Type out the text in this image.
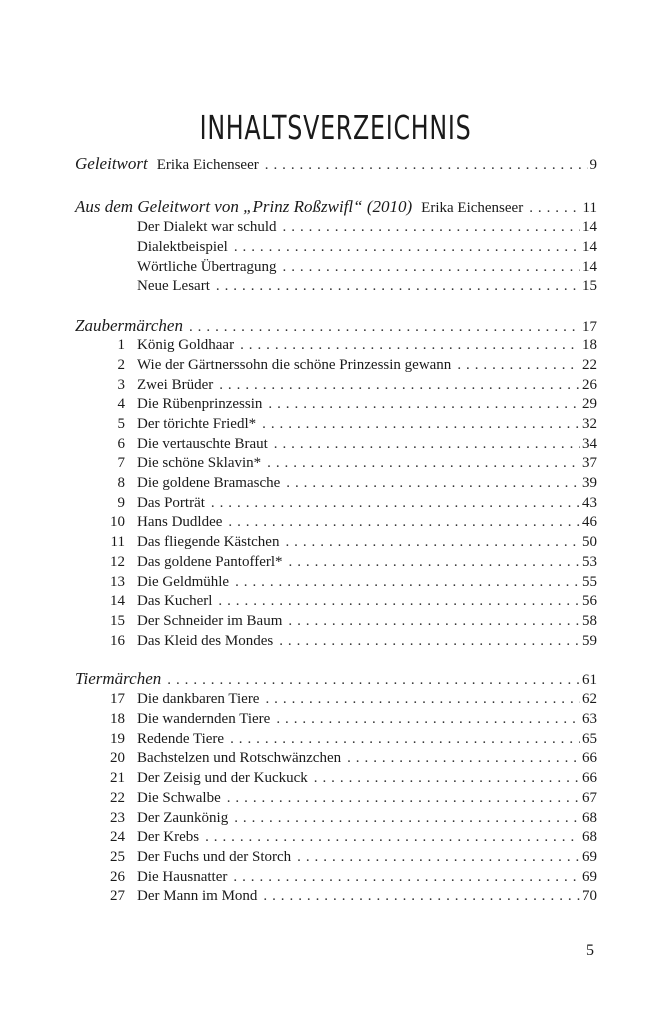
INHALTSVERZEICHNIS
Geleitwort Erika Eichenseer . . .	9
Aus dem Geleitwort von „Prinz Roßzwifl“ (2010) Erika Eichenseer . . .	11
Der Dialekt war schuld . . .	14
Dialektbeispiel . . .	14
Wörtliche Übertragung . . .	14
Neue Lesart . . .	15
Zaubermärchen . . .	17
1 König Goldhaar . . .	18
2 Wie der Gärtnerssohn die schöne Prinzessin gewann . . .	22
3 Zwei Brüder . . .	26
4 Die Rübenprinzessin . . .	29
5 Der törichte Friedl* . . .	32
6 Die vertauschte Braut . . .	34
7 Die schöne Sklavin* . . .	37
8 Die goldene Bramasche . . .	39
9 Das Porträt . . .	43
10 Hans Dudldee . . .	46
11 Das fliegende Kästchen . . .	50
12 Das goldene Pantofferl* . . .	53
13 Die Geldmühle . . .	55
14 Das Kucherl . . .	56
15 Der Schneider im Baum . . .	58
16 Das Kleid des Mondes . . .	59
Tiermärchen . . .	61
17 Die dankbaren Tiere . . .	62
18 Die wandernden Tiere . . .	63
19 Redende Tiere . . .	65
20 Bachstelzen und Rotschwänzchen . . .	66
21 Der Zeisig und der Kuckuck . . .	66
22 Die Schwalbe . . .	67
23 Der Zaunkönig . . .	68
24 Der Krebs . . .	68
25 Der Fuchs und der Storch . . .	69
26 Die Hausnatter . . .	69
27 Der Mann im Mond . . .	70
5
